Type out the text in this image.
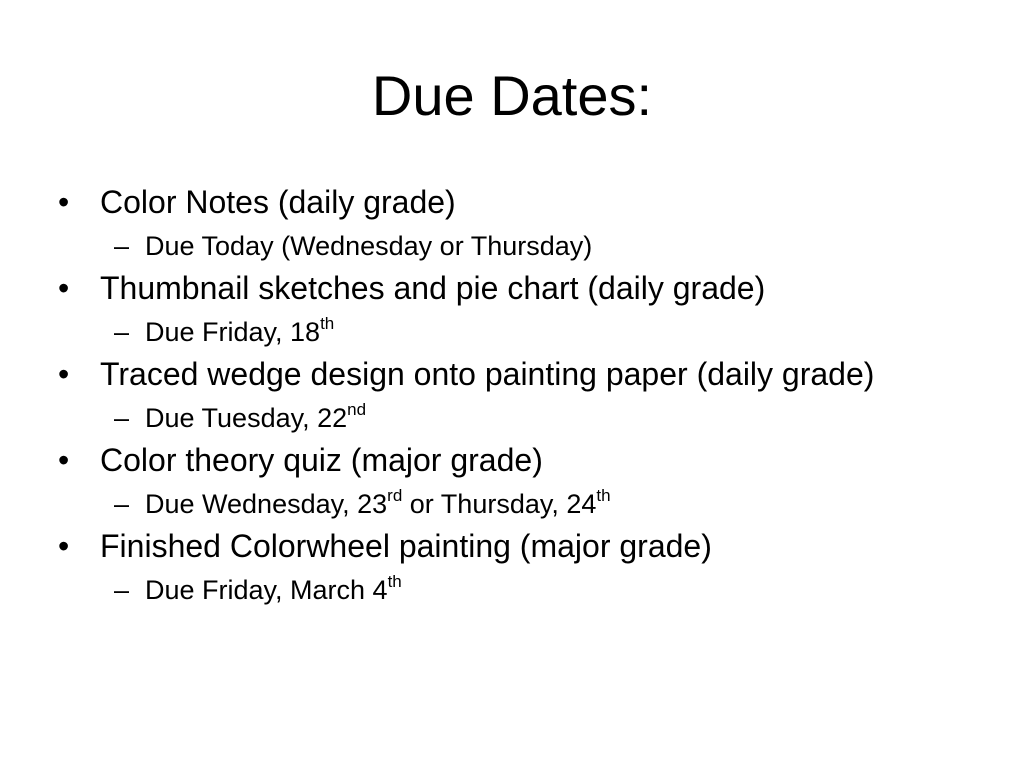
Due Dates:
• Color Notes (daily grade)
– Due Today (Wednesday or Thursday)
• Thumbnail sketches and pie chart (daily grade)
– Due Friday, 18th
• Traced wedge design onto painting paper (daily grade)
– Due Tuesday, 22nd
• Color theory quiz (major grade)
– Due Wednesday, 23rd or Thursday, 24th
• Finished Colorwheel painting (major grade)
– Due Friday, March 4th
